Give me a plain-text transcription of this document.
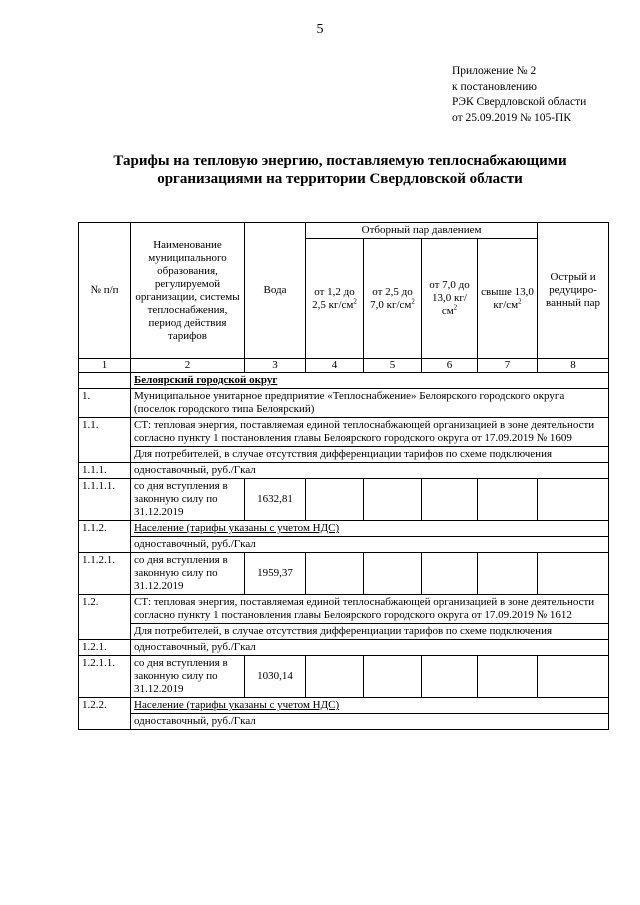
5
Приложение № 2
к постановлению
РЭК Свердловской области
от 25.09.2019 № 105-ПК
Тарифы на тепловую энергию, поставляемую теплоснабжающими
организациями на территории Свердловской области
№ п/п	Наименование муниципального образования, регулируемой организации, системы теплоснабжения, период действия тарифов	Вода	Отборный пар давлением				Острый и редуциро-ванный пар
			от 1,2 до 2,5 $кг/см^2$	от 2,5 до 7,0 $кг/см^2$	от 7,0 до 13,0 $кг/см^2$	свыше 13,0 $кг/см^2$
1	2	3	4	5	6	7	8
	Белоярский городской округ						
1.	Муниципальное унитарное предприятие «Теплоснабжение» Белоярского городского округа (поселок городского типа Белоярский)						
1.1.	СТ: тепловая энергия, поставляемая единой теплоснабжающей организацией в зоне деятельности согласно пункту 1 постановления главы Белоярского городского округа от 17.09.2019 № 1609						
	Для потребителей, в случае отсутствия дифференциации тарифов по схеме подключения						
1.1.1.	одноставочный, руб./Гкал						
1.1.1.1.	со дня вступления в законную силу по 31.12.2019	1632,81					
1.1.2.	Население (тарифы указаны с учетом НДС)						
	одноставочный, руб./Гкал						
1.1.2.1.	со дня вступления в законную силу по 31.12.2019	1959,37					
1.2.	СТ: тепловая энергия, поставляемая единой теплоснабжающей организацией в зоне деятельности согласно пункту 1 постановления главы Белоярского городского округа от 17.09.2019 № 1612						
	Для потребителей, в случае отсутствия дифференциации тарифов по схеме подключения						
1.2.1.	одноставочный, руб./Гкал						
1.2.1.1.	со дня вступления в законную силу по 31.12.2019	1030,14					
1.2.2.	Население (тарифы указаны с учетом НДС)						
	одноставочный, руб./Гкал						
